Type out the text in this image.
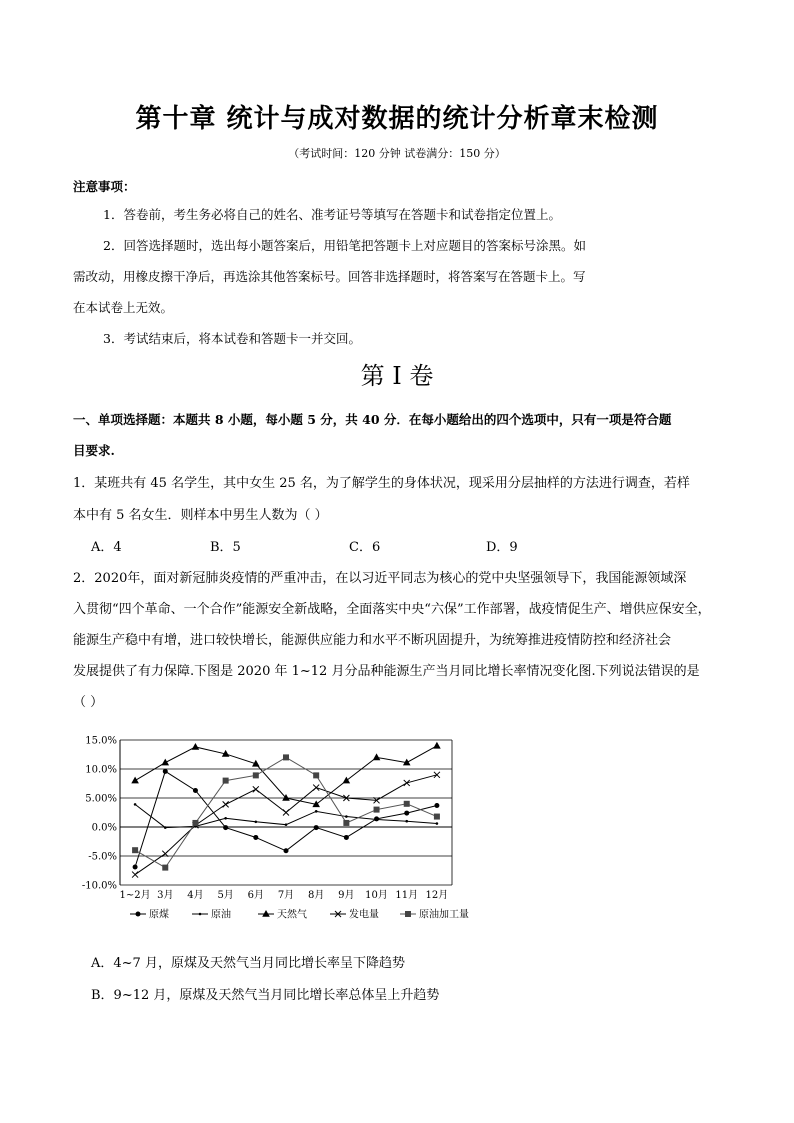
第十章 统计与成对数据的统计分析章末检测
（考试时间：120 分钟 试卷满分：150 分）
注意事项：
1．答卷前，考生务必将自己的姓名、准考证号等填写在答题卡和试卷指定位置上。
2．回答选择题时，选出每小题答案后，用铅笔把答题卡上对应题目的答案标号涂黑。如
需改动，用橡皮擦干净后，再选涂其他答案标号。回答非选择题时，将答案写在答题卡上。写
在本试卷上无效。
3．考试结束后，将本试卷和答题卡一并交回。
第 I 卷
一、单项选择题：本题共 8 小题，每小题 5 分，共 40 分．在每小题给出的四个选项中，只有一项是符合题
目要求.
1．某班共有 45 名学生，其中女生 25 名，为了解学生的身体状况，现采用分层抽样的方法进行调查，若样
本中有 5 名女生．则样本中男生人数为（ ）
A．4	B．5	C．6	D．9
2．2020年，面对新冠肺炎疫情的严重冲击，在以习近平同志为核心的党中央坚强领导下，我国能源领域深
入贯彻“四个革命、一个合作”能源安全新战略，全面落实中央“六保”工作部署，战疫情促生产、增供应保安全，
能源生产稳中有增，进口较快增长，能源供应能力和水平不断巩固提升，为统筹推进疫情防控和经济社会
发展提供了有力保障.下图是 2020 年 1~12 月分品种能源生产当月同比增长率情况变化图.下列说法错误的是
（ ）
15.0%
10.0%
5.00%
0.0%
-5.0%
-10.0%
1~2月 3月 4月 5月 6月 7月 8月 9月 10月 11月 12月
原煤	原油	天然气	发电量	原油加工量
A．4~7 月，原煤及天然气当月同比增长率呈下降趋势
B．9~12 月，原煤及天然气当月同比增长率总体呈上升趋势
